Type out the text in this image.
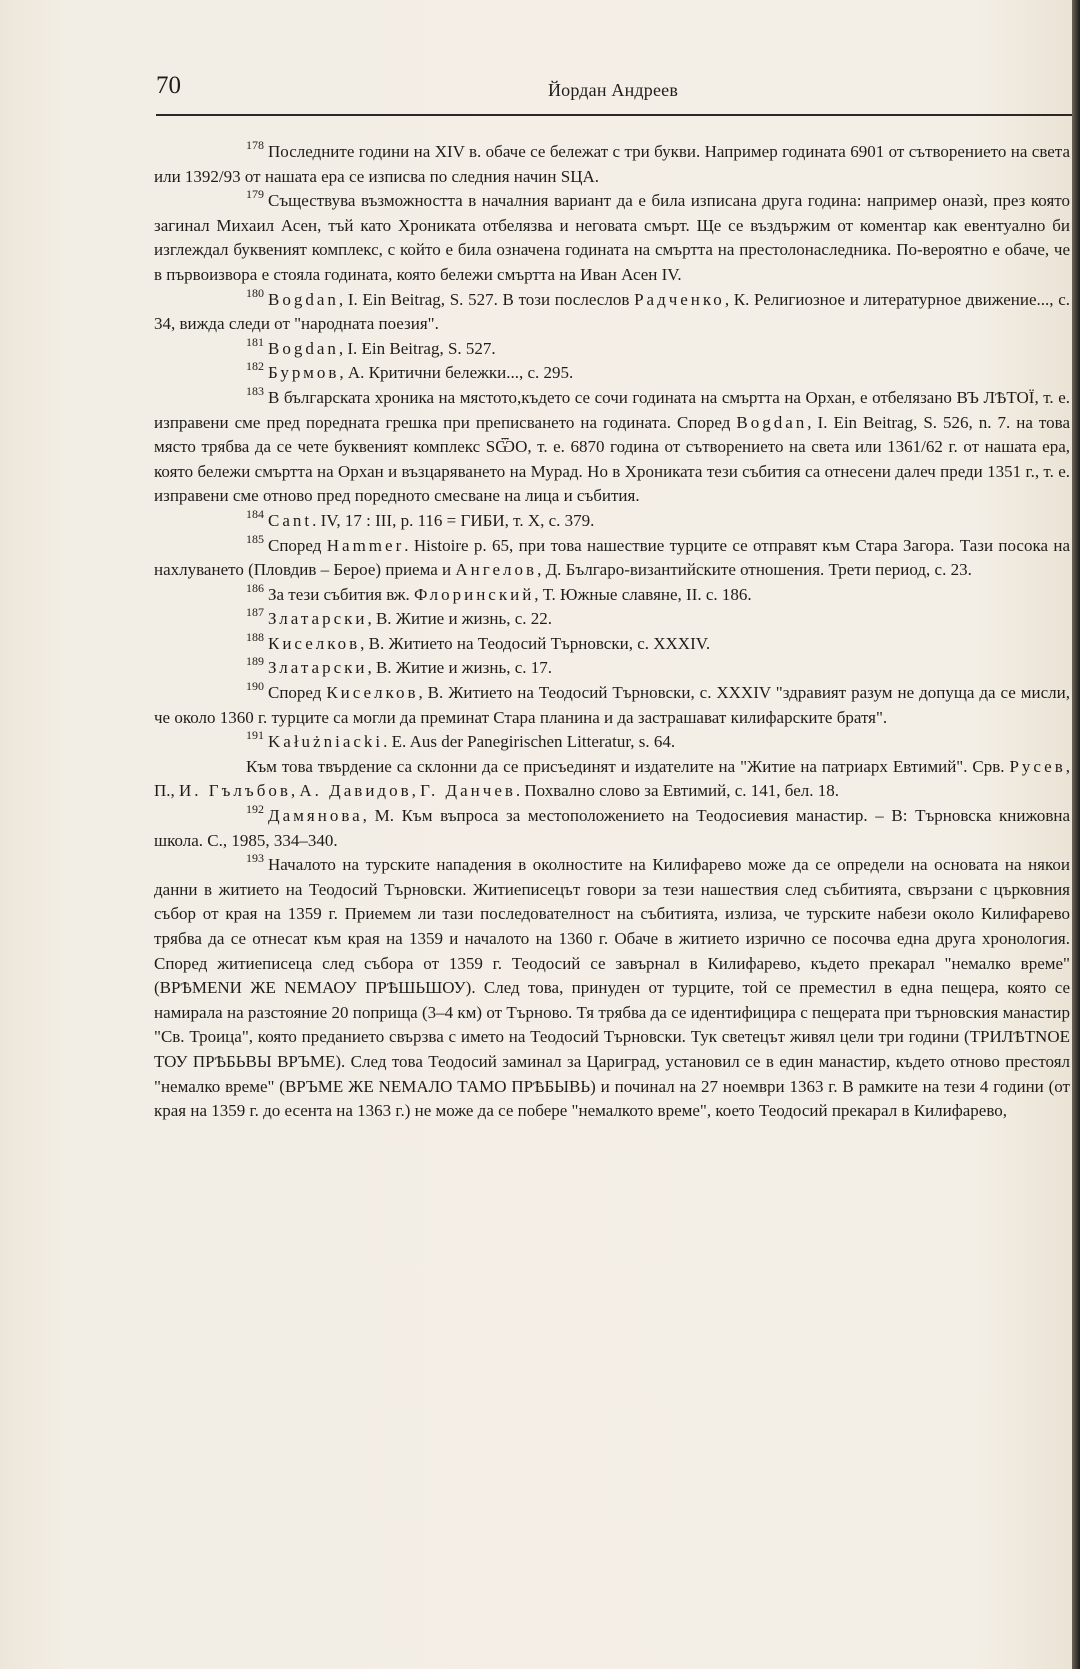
70	Йордан Андреев

$^{178}$ Последните години на XIV в. обаче се бележат с три букви. Например годината 6901 от сътворението на света или 1392/93 от нашата ера се изписва по следния начин SЦА.

$^{179}$ Съществува възможността в началния вариант да е била изписана друга година: например оназѝ, през която загинал Михаил Асен, тъй като Хрониката отбелязва и неговата смърт. Ще се въздържим от коментар как евентуално би изглеждал буквеният комплекс, с който е била означена годината на смъртта на престолонаследника. По-вероятно е обаче, че в първоизвора е стояла годината, която бележи смъртта на Иван Асен IV.

$^{180}$ Bogdan, I. Ein Beitrag, S. 527. В този послеслов Радченко, К. Религиозное и литературное движение..., с. 34, вижда следи от "народната поезия".

$^{181}$ Bogdan, I. Ein Beitrag, S. 527.

$^{182}$ Бурмов, А. Критични бележки..., с. 295.

$^{183}$ В българската хроника на мястото,където се сочи годината на смъртта на Орхан, е отбелязано ВЪ ЛѢТОΪ, т. е. изправени сме пред поредната грешка при преписването на годината. Според Bogdan, I. Ein Beitrag, S. 526, n. 7. на това място трябва да се чете буквеният комплекс SѾО, т. е. 6870 година от сътворението на света или 1361/62 г. от нашата ера, която бележи смъртта на Орхан и възцаряването на Мурад. Но в Хрониката тези събития са отнесени далеч преди 1351 г., т. е. изправени сме отново пред поредното смесване на лица и събития.

$^{184}$ Cant. IV, 17 : III, p. 116 = ГИБИ, т. X, с. 379.

$^{185}$ Според Hammer. Histoire p. 65, при това нашествие турците се отправят към Стара Загора. Тази посока на нахлуването (Пловдив – Берое) приема и Ангелов, Д. Българо-византийските отношения. Трети период, с. 23.

$^{186}$ За тези събития вж. Флоринский, Т. Южные славяне, II. с. 186.

$^{187}$ Златарски, В. Житие и жизнь, с. 22.

$^{188}$ Киселков, В. Житието на Теодосий Търновски, с. XXXIV.

$^{189}$ Златарски, В. Житие и жизнь, с. 17.

$^{190}$ Според Киселков, В. Житието на Теодосий Търновски, с. XXXIV "здравият разум не допуща да се мисли, че около 1360 г. турците са могли да преминат Стара планина и да застрашават килифарските братя".

$^{191}$ Kałużniacki. E. Aus der Panegirischen Litteratur, s. 64.

Към това твърдение са склонни да се присъединят и издателите на "Житие на патриарх Евтимий". Срв. Русев, П., И. Гълъбов, А. Давидов, Г. Данчев. Похвално слово за Евтимий, с. 141, бел. 18.

$^{192}$ Дамянова, М. Към въпроса за местоположението на Теодосиевия манастир. – В: Търновска книжовна школа. С., 1985, 334–340.

$^{193}$ Началото на турските нападения в околностите на Килифарево може да се определи на основата на някои данни в житието на Теодосий Търновски. Житиеписецът говори за тези нашествия след събитията, свързани с църковния събор от края на 1359 г. Приемем ли тази последователност на събитията, излиза, че турските набези около Килифарево трябва да се отнесат към края на 1359 и началото на 1360 г. Обаче в житието изрично се посочва една друга хронология. Според житиеписеца след събора от 1359 г. Теодосий се завърнал в Килифарево, където прекарал "немалко време" (ВРѢМЕNИ ЖЕ NЕМАОУ ПРѢШЬШОУ). След това, принуден от турците, той се преместил в една пещера, която се намирала на разстояние 20 поприща (3–4 км) от Търново. Тя трябва да се идентифицира с пещерата при търновския манастир "Св. Троица", която преданието свързва с името на Теодосий Търновски. Тук светецът живял цели три години (ТРИЛѢТNОЕ ТОУ ПРѢБЬВЫ ВРЪМЕ). След това Теодосий заминал за Цариград, установил се в един манастир, където отново престоял "немалко време" (ВРЪМЕ ЖЕ NЕМАЛО ТАМО ПРѢБЫВЬ) и починал на 27 ноември 1363 г. В рамките на тези 4 години (от края на 1359 г. до есента на 1363 г.) не може да се побере "немалкото време", което Теодосий прекарал в Килифарево,
